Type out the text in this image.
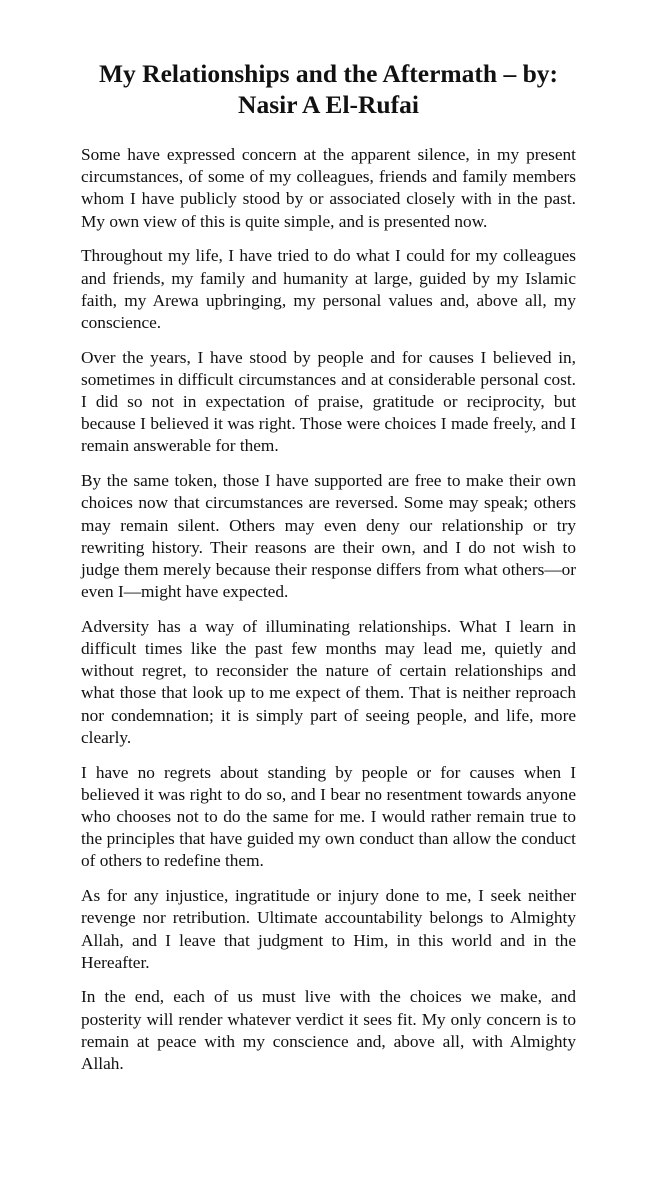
My Relationships and the Aftermath – by:
Nasir A El-Rufai

Some have expressed concern at the apparent silence, in my present circumstances, of some of my colleagues, friends and family members whom I have publicly stood by or associated closely with in the past. My own view of this is quite simple, and is presented now.

Throughout my life, I have tried to do what I could for my colleagues and friends, my family and humanity at large, guided by my Islamic faith, my Arewa upbringing, my personal values and, above all, my conscience.

Over the years, I have stood by people and for causes I believed in, sometimes in difficult circumstances and at considerable personal cost. I did so not in expectation of praise, gratitude or reciprocity, but because I believed it was right. Those were choices I made freely, and I remain answerable for them.

By the same token, those I have supported are free to make their own choices now that circumstances are reversed. Some may speak; others may remain silent. Others may even deny our relationship or try rewriting history. Their reasons are their own, and I do not wish to judge them merely because their response differs from what others—or even I—might have expected.

Adversity has a way of illuminating relationships. What I learn in difficult times like the past few months may lead me, quietly and without regret, to reconsider the nature of certain relationships and what those that look up to me expect of them. That is neither reproach nor condemnation; it is simply part of seeing people, and life, more clearly.

I have no regrets about standing by people or for causes when I believed it was right to do so, and I bear no resentment towards anyone who chooses not to do the same for me. I would rather remain true to the principles that have guided my own conduct than allow the conduct of others to redefine them.

As for any injustice, ingratitude or injury done to me, I seek neither revenge nor retribution. Ultimate accountability belongs to Almighty Allah, and I leave that judgment to Him, in this world and in the Hereafter.

In the end, each of us must live with the choices we make, and posterity will render whatever verdict it sees fit. My only concern is to remain at peace with my conscience and, above all, with Almighty Allah.
